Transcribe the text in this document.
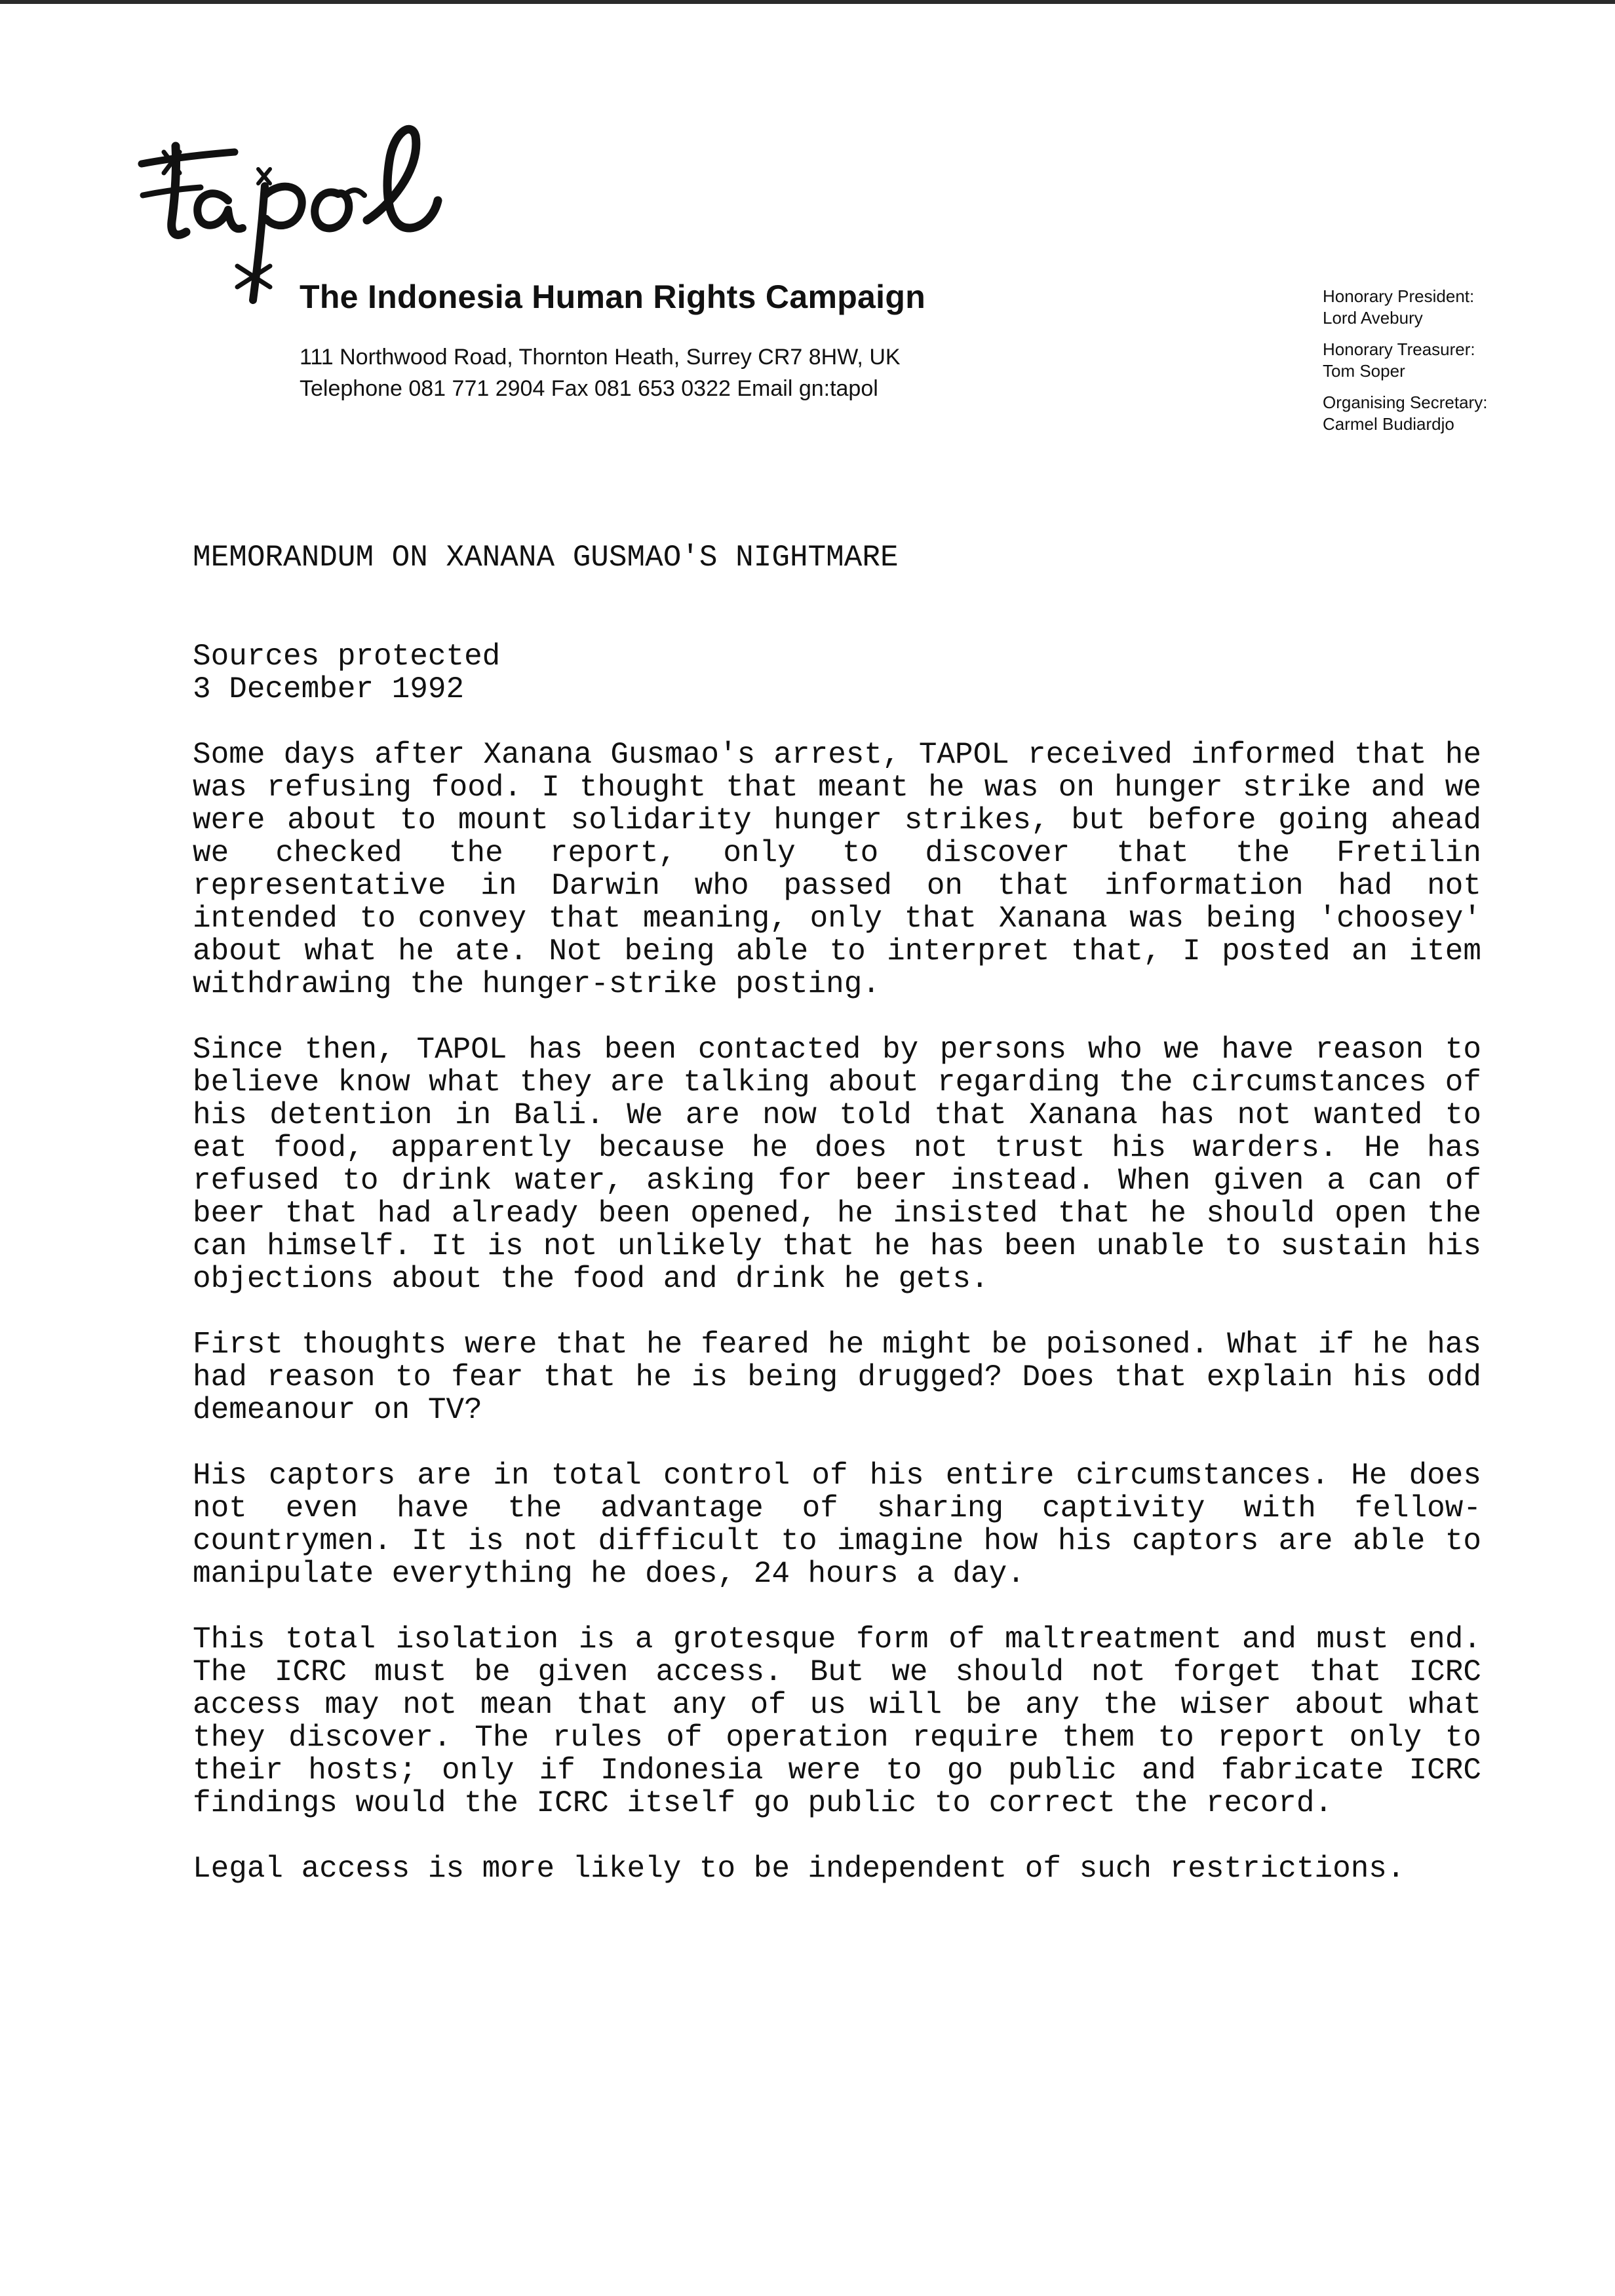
The Indonesia Human Rights Campaign
111 Northwood Road, Thornton Heath, Surrey CR7 8HW, UK
Telephone 081 771 2904 Fax 081 653 0322 Email gn:tapol
Honorary President:
Lord Avebury
Honorary Treasurer:
Tom Soper
Organising Secretary:
Carmel Budiardjo
MEMORANDUM ON XANANA GUSMAO'S NIGHTMARE
Sources protected
3 December 1992

Some days after Xanana Gusmao's arrest, TAPOL received informed that he was refusing food. I thought that meant he was on hunger strike and we were about to mount solidarity hunger strikes, but before going ahead we checked the report, only to discover that the Fretilin representative in Darwin who passed on that information had not intended to convey that meaning, only that Xanana was being 'choosey' about what he ate. Not being able to interpret that, I posted an item withdrawing the hunger-strike posting.

Since then, TAPOL has been contacted by persons who we have reason to believe know what they are talking about regarding the circumstances of his detention in Bali. We are now told that Xanana has not wanted to eat food, apparently because he does not trust his warders. He has refused to drink water, asking for beer instead. When given a can of beer that had already been opened, he insisted that he should open the can himself. It is not unlikely that he has been unable to sustain his objections about the food and drink he gets.

First thoughts were that he feared he might be poisoned. What if he has had reason to fear that he is being drugged? Does that explain his odd demeanour on TV?

His captors are in total control of his entire circumstances. He does not even have the advantage of sharing captivity with fellow-countrymen. It is not difficult to imagine how his captors are able to manipulate everything he does, 24 hours a day.

This total isolation is a grotesque form of maltreatment and must end. The ICRC must be given access. But we should not forget that ICRC access may not mean that any of us will be any the wiser about what they discover. The rules of operation require them to report only to their hosts; only if Indonesia were to go public and fabricate ICRC findings would the ICRC itself go public to correct the record.

Legal access is more likely to be independent of such restrictions.
